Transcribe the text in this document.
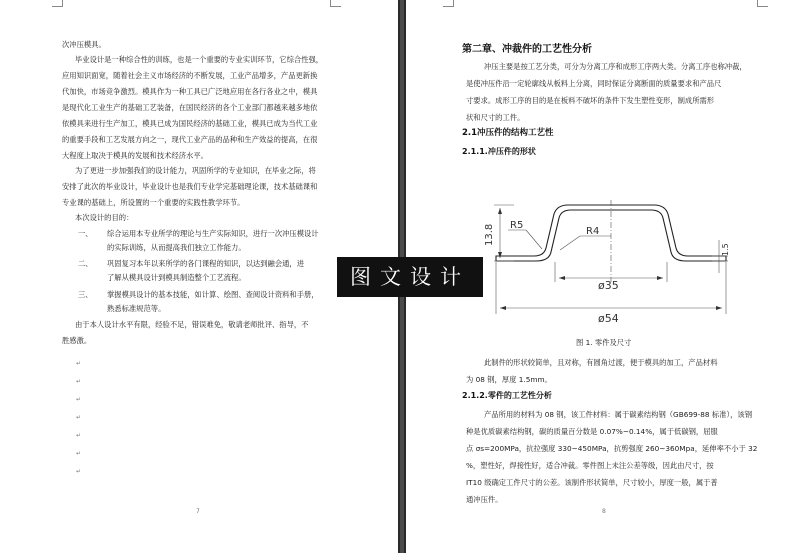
次冲压模具。
毕业设计是一种综合性的训练，也是一个重要的专业实训环节，它综合性强，
应用知识面宽，随着社会主义市场经济的不断发展，工业产品增多，产品更新换
代加快，市场竞争激烈。模具作为一种工具已广泛地应用在各行各业之中，模具
是现代化工业生产的基础工艺装备，在国民经济的各个工业部门都越来越多地依
依模具来进行生产加工，模具已成为国民经济的基础工业，模具已成为当代工业
的重要手段和工艺发展方向之一，现代工业产品的品种和生产效益的提高，在很
大程度上取决于模具的发展和技术经济水平。
为了更进一步加强我们的设计能力，巩固所学的专业知识，在毕业之际，将
安排了此次的毕业设计，毕业设计也是我们专业学完基础理论课，技术基础课和
专业课的基础上，所设置的一个重要的实践性教学环节。
本次设计的目的：
一、 综合运用本专业所学的理论与生产实际知识，进行一次冲压模设计
的实际训练，从而提高我们独立工作能力。
二、 巩固复习本年以来所学的各门课程的知识，以达到融会通，进
了解从模具设计到模具制造整个工艺流程。
三、 掌握模具设计的基本技能，如计算、绘图、查阅设计资料和手册，
熟悉标准规范等。
由于本人设计水平有限，经验不足，错误难免，敬请老师批评、指导，不
胜感激。
↵
↵
↵
↵
↵
↵
↵
7
第二章、冲裁件的工艺性分析
冲压主要是按工艺分类，可分为分离工序和成形工序两大类。分离工序也称冲裁，
是使冲压件沿一定轮廓线从板料上分离，同时保证分离断面的质量要求和产品尺
寸要求。成形工序的目的是在板料不破坏的条件下发生塑性变形，制成所需形
状和尺寸的工件。
2.1冲压件的结构工艺性
2.1.1.冲压件的形状
R5
R4
13.8
1.5
ø35
ø54
图 1. 零件及尺寸
此制件的形状较简单，且对称，有圆角过渡，便于模具的加工，产品材料
为 08 钢，厚度 1.5mm。
2.1.2.零件的工艺性分析
产品所用的材料为 08 钢，该工件材料：属于碳素结构钢（GB699-88 标准），该钢
种是优质碳素结构钢，碳的质量百分数是 0.07%~0.14%，属于低碳钢，屈服
点 σs=200MPa，抗拉强度 330~450MPa，抗剪强度 260~360Mpa，延伸率不小于 32
%，塑性好，焊接性好，适合冲裁。零件图上未注公差等级，因此由尺寸，按
IT10 级确定工件尺寸的公差。该制件形状简单，尺寸较小，厚度一般，属于普
通冲压件。
8
图文设计
